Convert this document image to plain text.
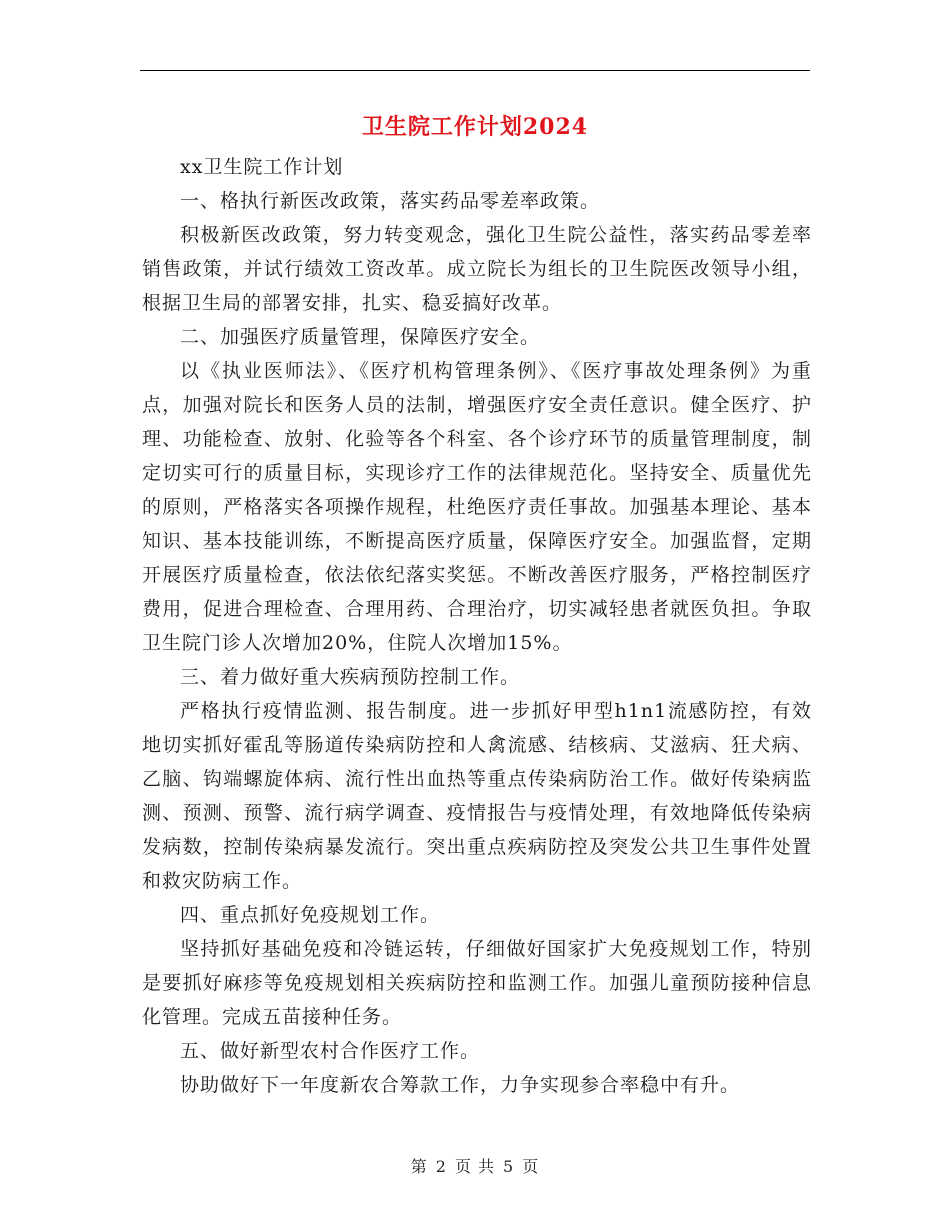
卫生院工作计划2024

xx卫生院工作计划

一、格执行新医改政策，落实药品零差率政策。

积极新医改政策，努力转变观念，强化卫生院公益性，落实药品零差率销售政策，并试行绩效工资改革。成立院长为组长的卫生院医改领导小组，根据卫生局的部署安排，扎实、稳妥搞好改革。

二、加强医疗质量管理，保障医疗安全。

以《执业医师法》、《医疗机构管理条例》、《医疗事故处理条例》为重点，加强对院长和医务人员的法制，增强医疗安全责任意识。健全医疗、护理、功能检查、放射、化验等各个科室、各个诊疗环节的质量管理制度，制定切实可行的质量目标，实现诊疗工作的法律规范化。坚持安全、质量优先的原则，严格落实各项操作规程，杜绝医疗责任事故。加强基本理论、基本知识、基本技能训练，不断提高医疗质量，保障医疗安全。加强监督，定期开展医疗质量检查，依法依纪落实奖惩。不断改善医疗服务，严格控制医疗费用，促进合理检查、合理用药、合理治疗，切实减轻患者就医负担。争取卫生院门诊人次增加20%，住院人次增加15%。

三、着力做好重大疾病预防控制工作。

严格执行疫情监测、报告制度。进一步抓好甲型h1n1流感防控，有效地切实抓好霍乱等肠道传染病防控和人禽流感、结核病、艾滋病、狂犬病、乙脑、钩端螺旋体病、流行性出血热等重点传染病防治工作。做好传染病监测、预测、预警、流行病学调查、疫情报告与疫情处理，有效地降低传染病发病数，控制传染病暴发流行。突出重点疾病防控及突发公共卫生事件处置和救灾防病工作。

四、重点抓好免疫规划工作。

坚持抓好基础免疫和冷链运转，仔细做好国家扩大免疫规划工作，特别是要抓好麻疹等免疫规划相关疾病防控和监测工作。加强儿童预防接种信息化管理。完成五苗接种任务。

五、做好新型农村合作医疗工作。

协助做好下一年度新农合筹款工作，力争实现参合率稳中有升。

第 2 页 共 5 页
